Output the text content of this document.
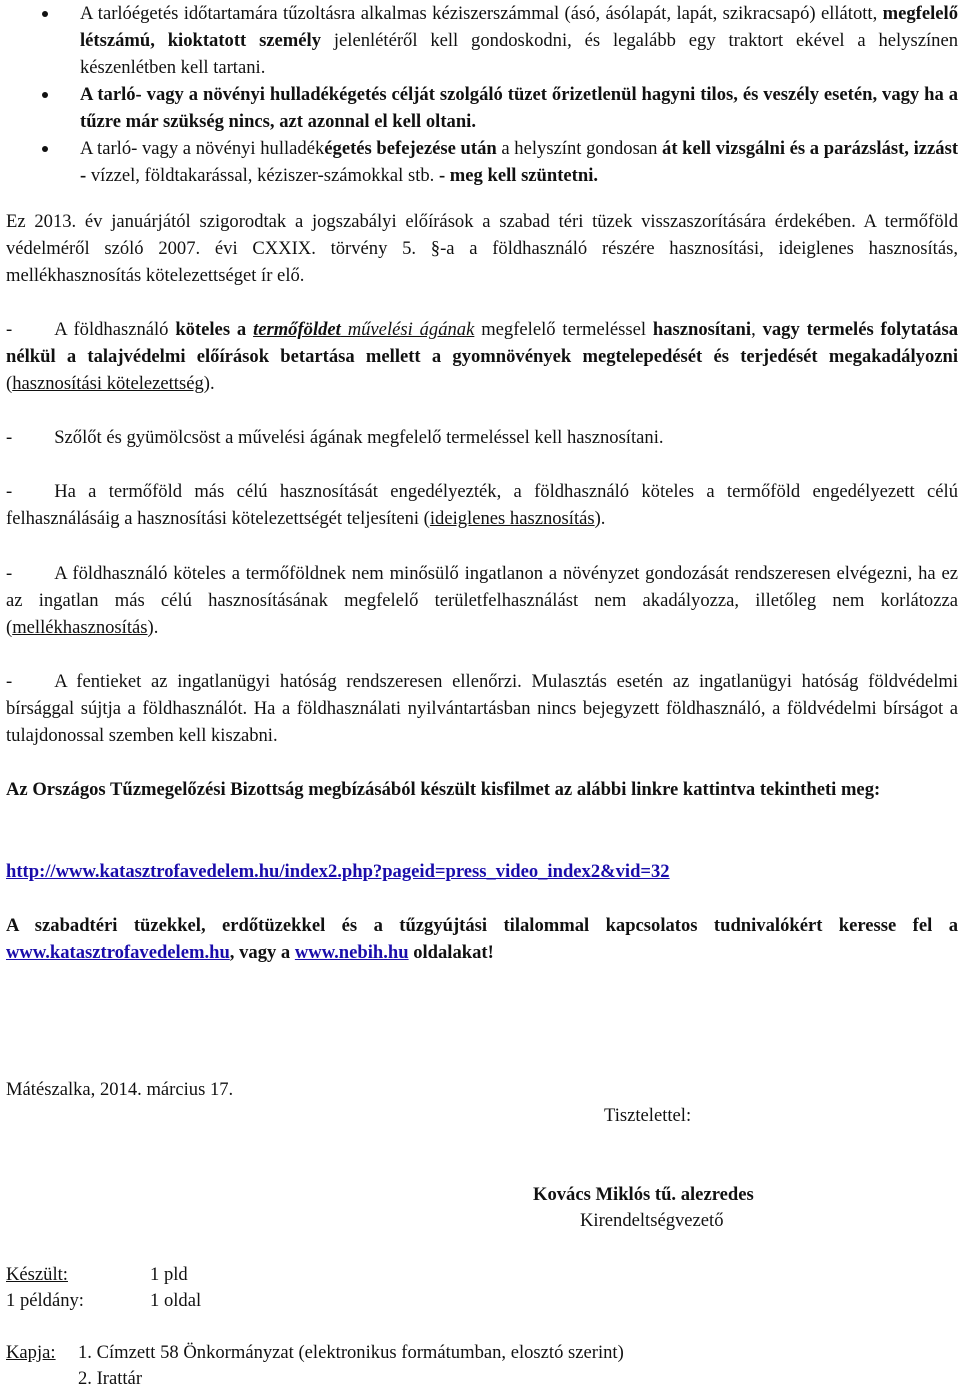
A tarlóégetés időtartamára tűzoltásra alkalmas kéziszerszámmal (ásó, ásólapát, lapát, szikracsapó) ellátott, megfelelő létszámú, kioktatott személy jelenlétéről kell gondoskodni, és legalább egy traktort ekével a helyszínen készenlétben kell tartani.
A tarló- vagy a növényi hulladékégetés célját szolgáló tüzet őrizetlenül hagyni tilos, és veszély esetén, vagy ha a tűzre már szükség nincs, azt azonnal el kell oltani.
A tarló- vagy a növényi hulladékégetés befejezése után a helyszínt gondosan át kell vizsgálni és a parázslást, izzást - vízzel, földtakarással, kéziszer-számokkal stb. - meg kell szüntetni.

Ez 2013. év januárjától szigorodtak a jogszabályi előírások a szabad téri tüzek visszaszorítására érdekében. A termőföld védelméről szóló 2007. évi CXXIX. törvény 5. §-a a földhasználó részére hasznosítási, ideiglenes hasznosítás, mellékhasznosítás kötelezettséget ír elő.

- A földhasználó köteles a termőföldet művelési ágának megfelelő termeléssel hasznosítani, vagy termelés folytatása nélkül a talajvédelmi előírások betartása mellett a gyomnövények megtelepedését és terjedését megakadályozni (hasznosítási kötelezettség).

- Szőlőt és gyümölcsöst a művelési ágának megfelelő termeléssel kell hasznosítani.

- Ha a termőföld más célú hasznosítását engedélyezték, a földhasználó köteles a termőföld engedélyezett célú felhasználásáig a hasznosítási kötelezettségét teljesíteni (ideiglenes hasznosítás).

- A földhasználó köteles a termőföldnek nem minősülő ingatlanon a növényzet gondozását rendszeresen elvégezni, ha ez az ingatlan más célú hasznosításának megfelelő területfelhasználást nem akadályozza, illetőleg nem korlátozza (mellékhasznosítás).

- A fentieket az ingatlanügyi hatóság rendszeresen ellenőrzi. Mulasztás esetén az ingatlanügyi hatóság földvédelmi bírsággal sújtja a földhasználót. Ha a földhasználati nyilvántartásban nincs bejegyzett földhasználó, a földvédelmi bírságot a tulajdonossal szemben kell kiszabni.

Az Országos Tűzmegelőzési Bizottság megbízásából készült kisfilmet az alábbi linkre kattintva tekintheti meg:

http://www.katasztrofavedelem.hu/index2.php?pageid=press_video_index2&vid=32

A szabadtéri tüzekkel, erdőtüzekkel és a tűzgyújtási tilalommal kapcsolatos tudnivalókért keresse fel a www.katasztrofavedelem.hu, vagy a www.nebih.hu oldalakat!

Mátészalka, 2014. március 17.
Tisztelettel:
Kovács Miklós tű. alezredes
Kirendeltségvezető
Készült:	1 pld
1 példány:	1 oldal
Kapja: 1. Címzett 58 Önkormányzat (elektronikus formátumban, elosztó szerint)
2. Irattár
